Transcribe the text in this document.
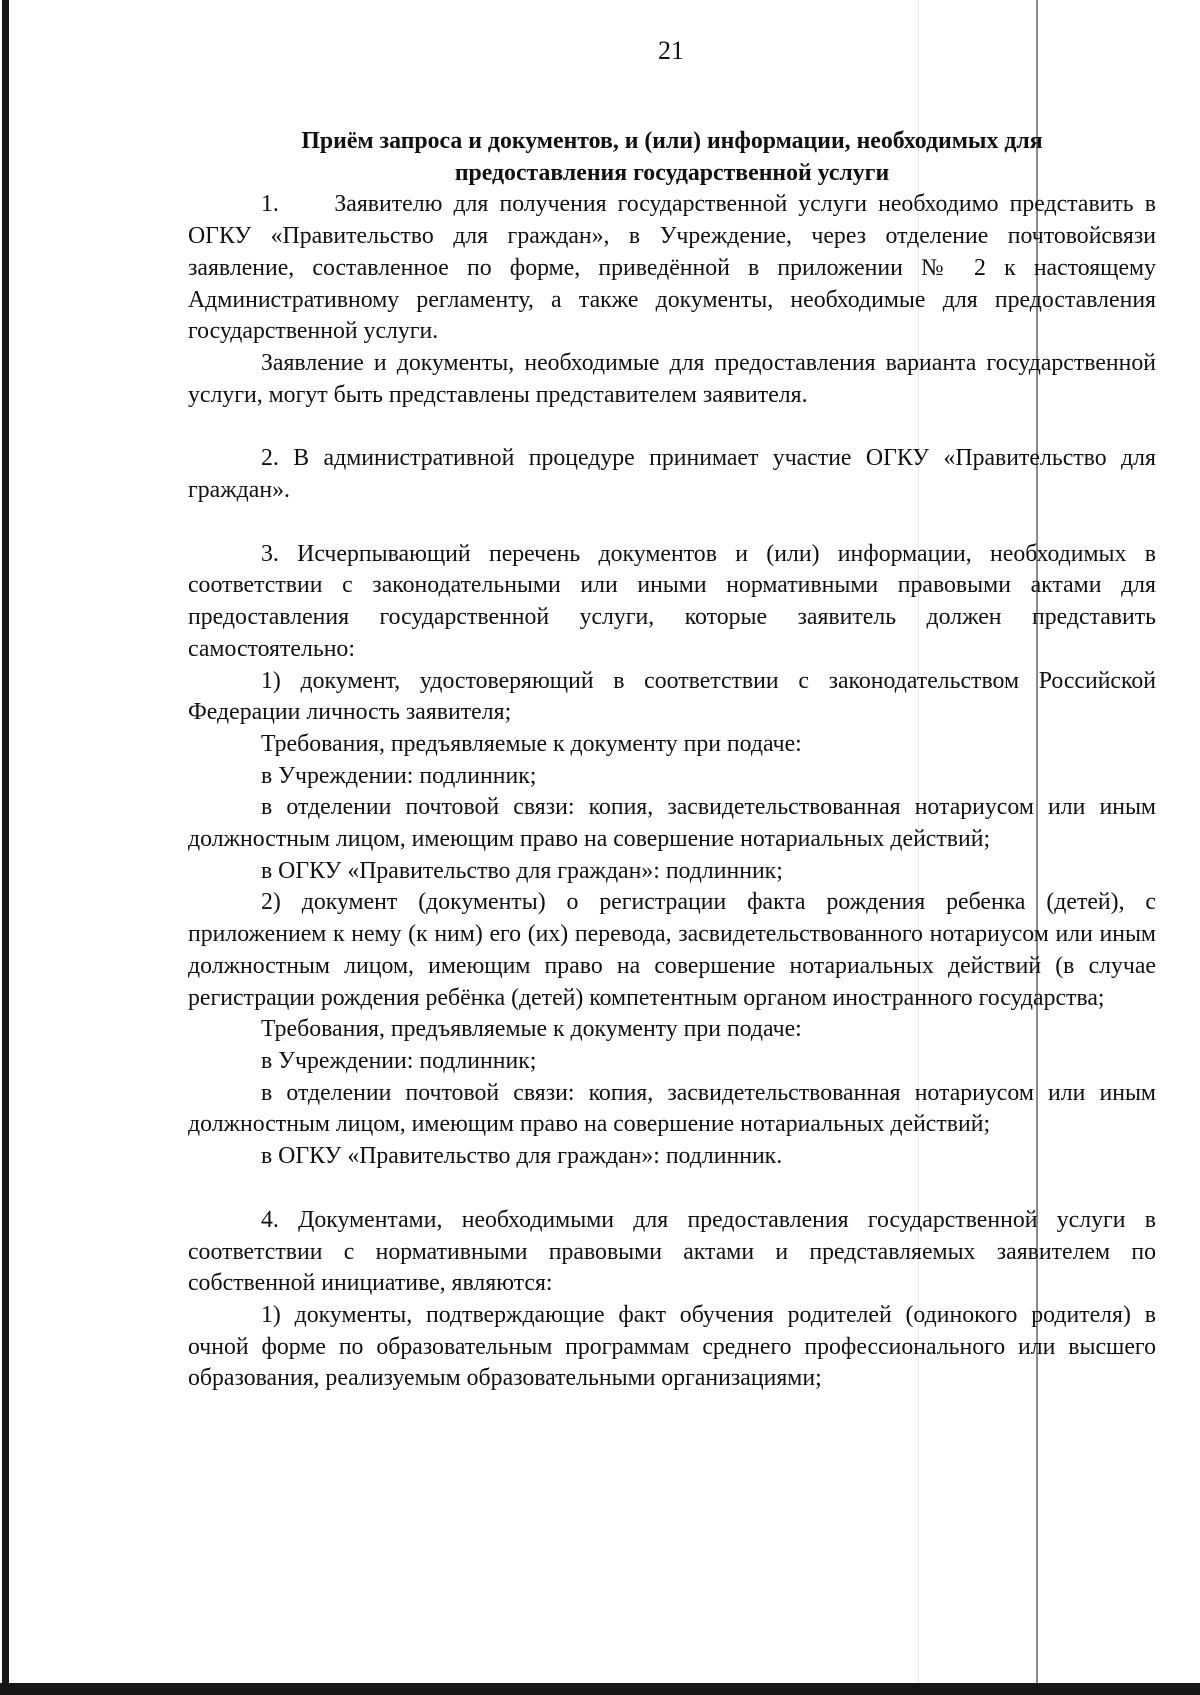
21

Приём запроса и документов, и (или) информации, необходимых для

предоставления государственной услуги

1.     Заявителю для получения государственной услуги необходимо представить в ОГКУ «Правительство для граждан», в Учреждение, через отделение почтовойсвязи заявление, составленное по форме, приведённой в приложении № 2 к настоящему Административному регламенту, а также документы, необходимые для предоставления государственной услуги.

Заявление и документы, необходимые для предоставления варианта государственной услуги, могут быть представлены представителем заявителя.

2. В административной процедуре принимает участие ОГКУ «Правительство для граждан».

3. Исчерпывающий перечень документов и (или) информации, необходимых в соответствии с законодательными или иными нормативными правовыми актами для предоставления государственной услуги, которые заявитель должен представить самостоятельно:

1) документ, удостоверяющий в соответствии с законодательством Российской Федерации личность заявителя;

Требования, предъявляемые к документу при подаче:

в Учреждении: подлинник;

в отделении почтовой связи: копия, засвидетельствованная нотариусом или иным должностным лицом, имеющим право на совершение нотариальных действий;

в ОГКУ «Правительство для граждан»: подлинник;

2) документ (документы) о регистрации факта рождения ребенка (детей), с приложением к нему (к ним) его (их) перевода, засвидетельствованного нотариусом или иным должностным лицом, имеющим право на совершение нотариальных действий (в случае регистрации рождения ребёнка (детей) компетентным органом иностранного государства;

Требования, предъявляемые к документу при подаче:

в Учреждении: подлинник;

в отделении почтовой связи: копия, засвидетельствованная нотариусом или иным должностным лицом, имеющим право на совершение нотариальных действий;

в ОГКУ «Правительство для граждан»: подлинник.

4. Документами, необходимыми для предоставления государственной услуги в соответствии с нормативными правовыми актами и представляемых заявителем по собственной инициативе, являются:

1) документы, подтверждающие факт обучения родителей (одинокого родителя) в очной форме по образовательным программам среднего профессионального или высшего образования, реализуемым образовательными организациями;
